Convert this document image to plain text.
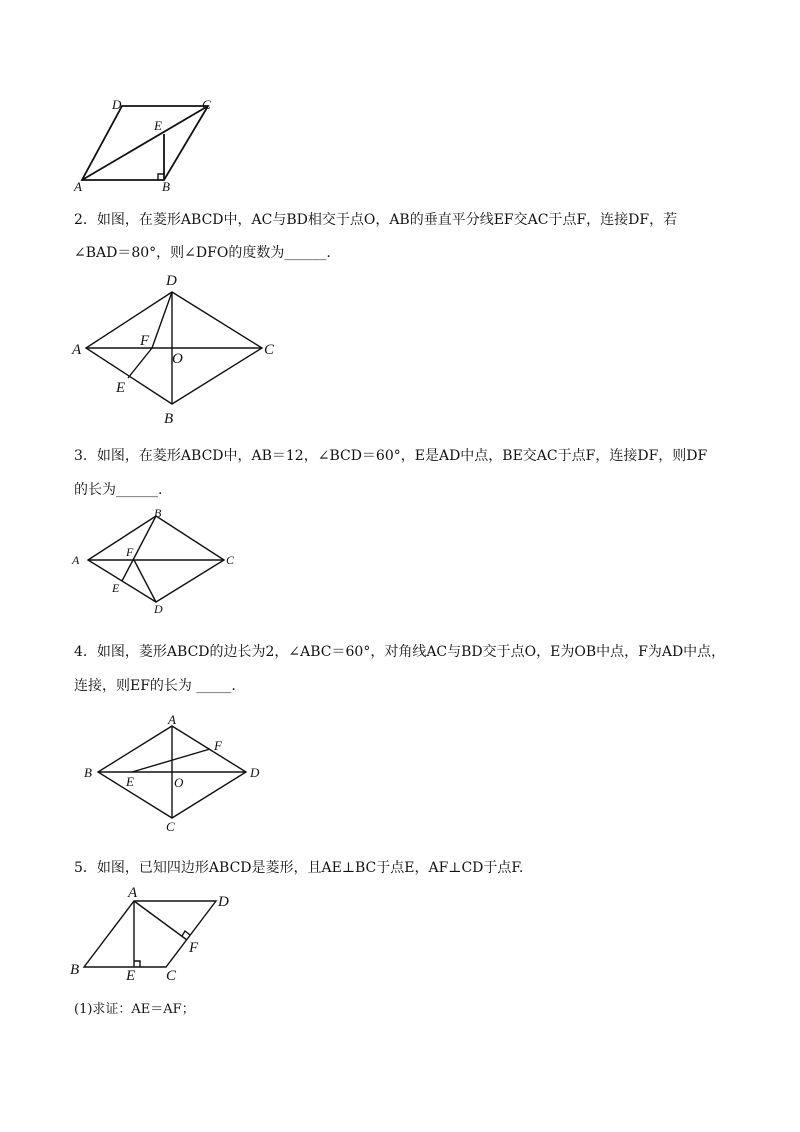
D	C
E
A	B
2．如图，在菱形ABCD中，AC与BD相交于点O，AB的垂直平分线EF交AC于点F，连接DF，若
∠BAD＝80°，则∠DFO的度数为______.
D
A
F
O
C
E
B
3．如图，在菱形ABCD中，AB＝12，∠BCD＝60°，E是AD中点，BE交AC于点F，连接DF，则DF
的长为______.
B
A
F
C
E
D
4．如图，菱形ABCD的边长为2，∠ABC＝60°，对角线AC与BD交于点O，E为OB中点，F为AD中点，
连接，则EF的长为 _____.
A
F
B
E	O
D
C
5．如图，已知四边形ABCD是菱形，且AE⊥BC于点E，AF⊥CD于点F.
A
D
F
B	E C
(1)求证：AE＝AF；
